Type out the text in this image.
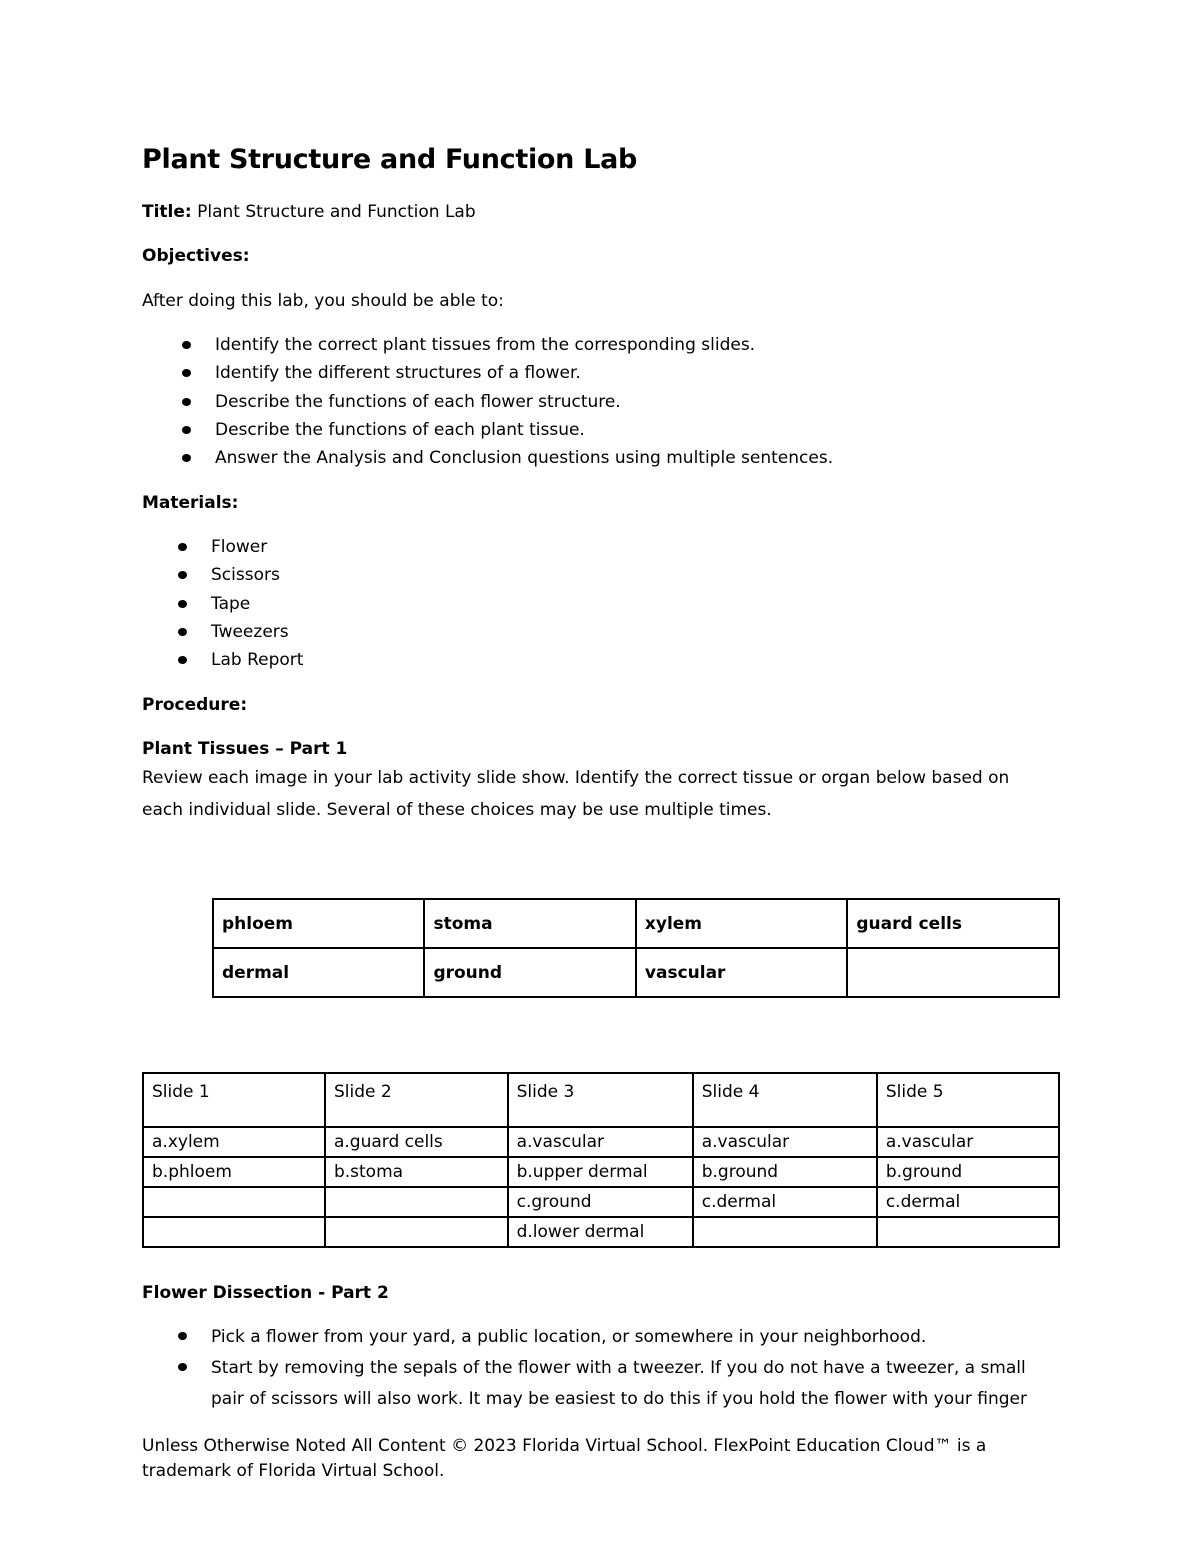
Plant Structure and Function Lab
Title: Plant Structure and Function Lab
Objectives:
After doing this lab, you should be able to:
Identify the correct plant tissues from the corresponding slides.
Identify the different structures of a flower.
Describe the functions of each flower structure.
Describe the functions of each plant tissue.
Answer the Analysis and Conclusion questions using multiple sentences.
Materials:
Flower
Scissors
Tape
Tweezers
Lab Report
Procedure:
Plant Tissues – Part 1
Review each image in your lab activity slide show. Identify the correct tissue or organ below based on each individual slide. Several of these choices may be use multiple times.
phloem	stoma	xylem	guard cells
dermal	ground	vascular	
Slide 1	Slide 2	Slide 3	Slide 4	Slide 5
a.xylem	a.guard cells	a.vascular	a.vascular	a.vascular
b.phloem	b.stoma	b.upper dermal	b.ground	b.ground
		c.ground	c.dermal	c.dermal
		d.lower dermal		
Flower Dissection - Part 2
Pick a flower from your yard, a public location, or somewhere in your neighborhood.
Start by removing the sepals of the flower with a tweezer. If you do not have a tweezer, a small pair of scissors will also work. It may be easiest to do this if you hold the flower with your finger
Unless Otherwise Noted All Content © 2023 Florida Virtual School. FlexPoint Education Cloud™ is a trademark of Florida Virtual School.
